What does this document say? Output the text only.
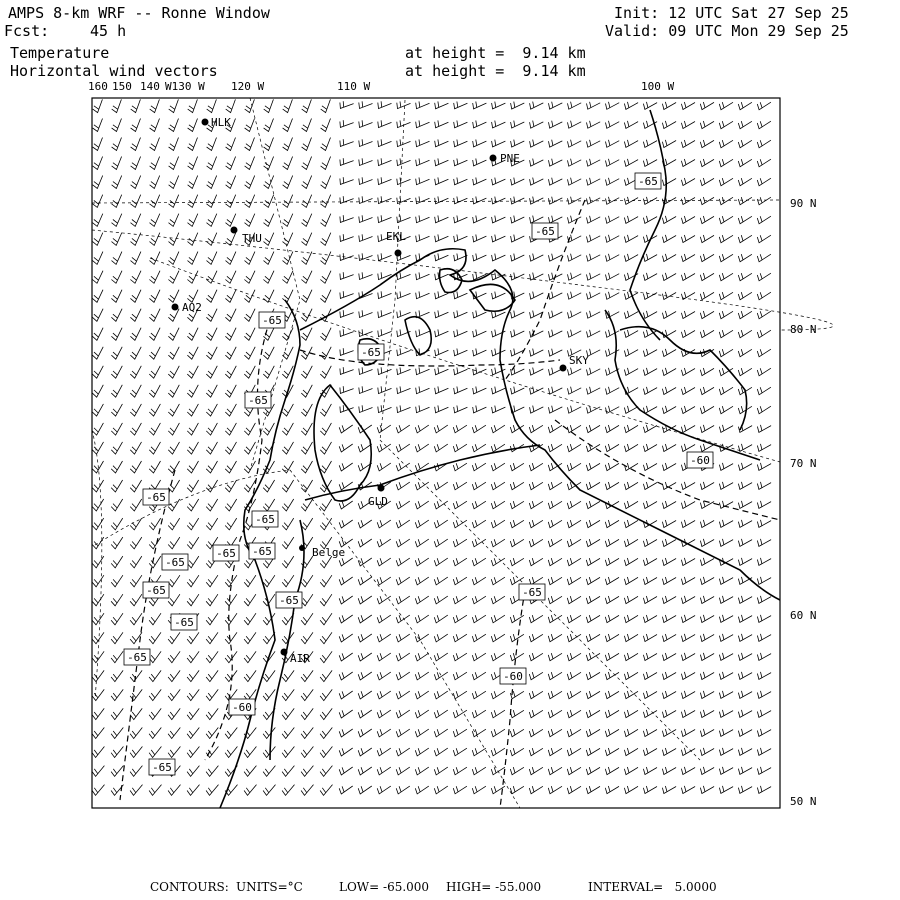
AMPS 8-km WRF -- Ronne Window	Init: 12 UTC Sat 27 Sep 25
Fcst:	45 h	Valid: 09 UTC Mon 29 Sep 25
Temperature
Horizontal wind vectors
at height =  9.14 km
at height =  9.14 km
HLK
PNE
THU	EKL
AQ2
SKY
GLD
Belge
AIR
-65
-65
-65
-65
-65
-65
-65
-65 -65
-65
-65
-65
-65
-65
-65
-60
-60
-60
-65
160 150 140 W130 W 120 W	110 W	100 W
90 N
80 N
70 N
60 N
50 N
CONTOURS: UNITS=°C	LOW= -65.000 HIGH= -55.000	INTERVAL=   5.0000
